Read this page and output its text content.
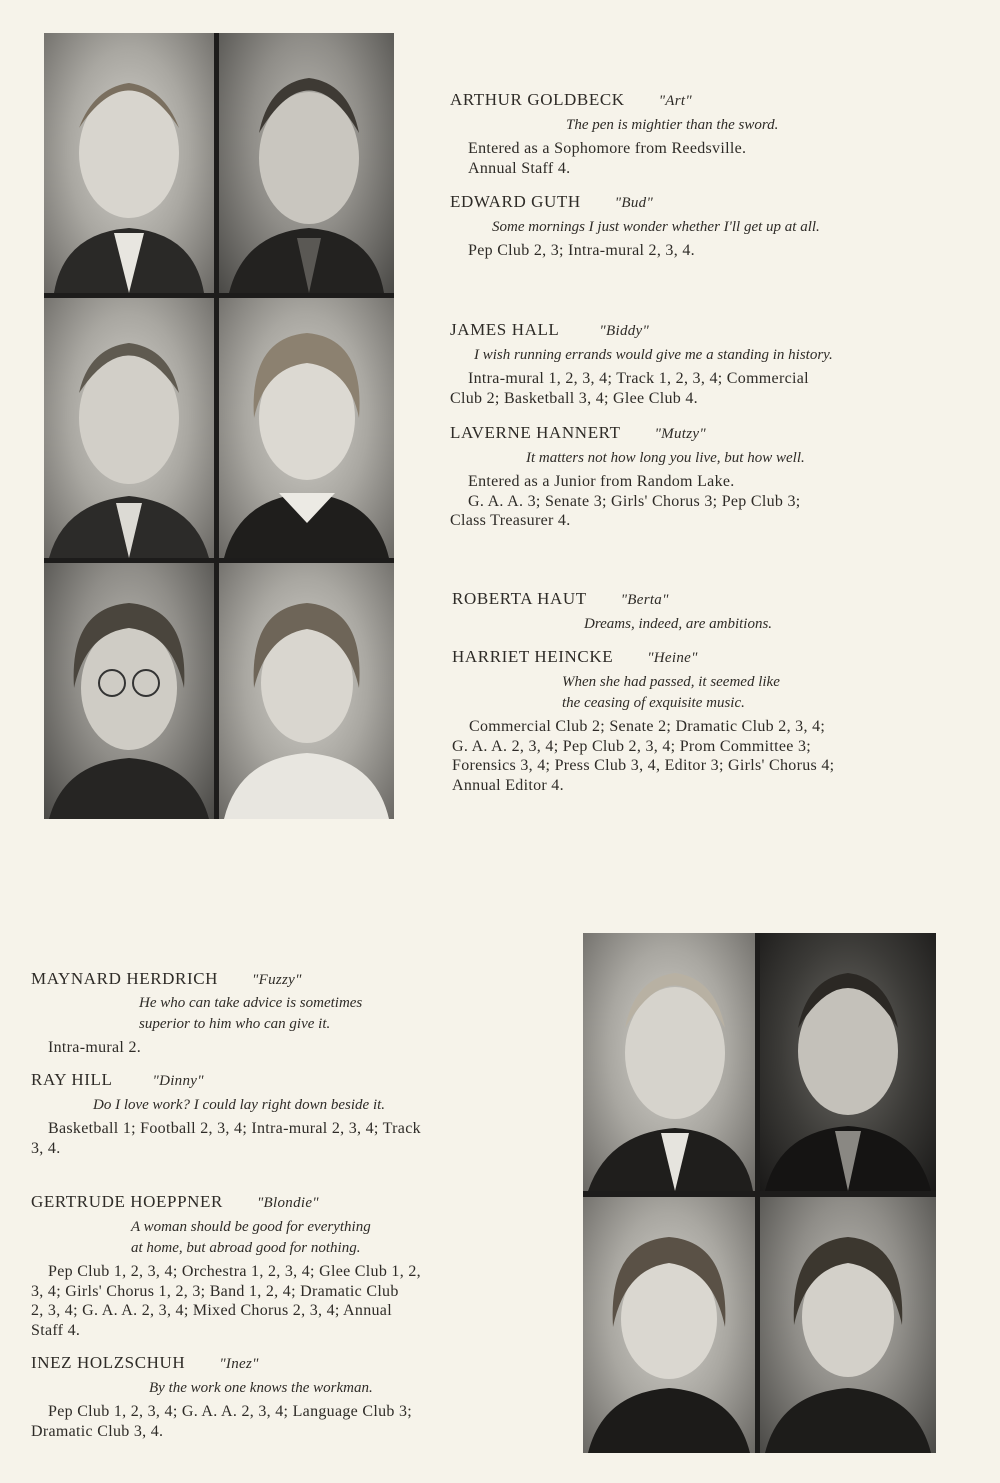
ARTHUR GOLDBECK "Art"
The pen is mightier than the sword.
Entered as a Sophomore from Reedsville.
Annual Staff 4.
EDWARD GUTH "Bud"
Some mornings I just wonder whether I'll get up at all.
Pep Club 2, 3; Intra-mural 2, 3, 4.
JAMES HALL	"Biddy"
I wish running errands would give me a standing in history.
Intra-mural 1, 2, 3, 4; Track 1, 2, 3, 4; Commercial
Club 2; Basketball 3, 4; Glee Club 4.
LAVERNE HANNERT "Mutzy"
It matters not how long you live, but how well.
Entered as a Junior from Random Lake.
G. A. A. 3; Senate 3; Girls' Chorus 3; Pep Club 3;
Class Treasurer 4.
ROBERTA HAUT "Berta"
Dreams, indeed, are ambitions.
HARRIET HEINCKE "Heine"
When she had passed, it seemed like
the ceasing of exquisite music.
Commercial Club 2; Senate 2; Dramatic Club 2, 3, 4;
G. A. A. 2, 3, 4; Pep Club 2, 3, 4; Prom Committee 3;
Forensics 3, 4; Press Club 3, 4, Editor 3; Girls' Chorus 4;
Annual Editor 4.
MAYNARD HERDRICH "Fuzzy"
He who can take advice is sometimes
superior to him who can give it.
Intra-mural 2.
RAY HILL	"Dinny"
Do I love work? I could lay right down beside it.
Basketball 1; Football 2, 3, 4; Intra-mural 2, 3, 4; Track
3, 4.
GERTRUDE HOEPPNER "Blondie"
A woman should be good for everything
at home, but abroad good for nothing.
Pep Club 1, 2, 3, 4; Orchestra 1, 2, 3, 4; Glee Club 1, 2,
3, 4; Girls' Chorus 1, 2, 3; Band 1, 2, 4; Dramatic Club
2, 3, 4; G. A. A. 2, 3, 4; Mixed Chorus 2, 3, 4; Annual
Staff 4.
INEZ HOLZSCHUH "Inez"
By the work one knows the workman.
Pep Club 1, 2, 3, 4; G. A. A. 2, 3, 4; Language Club 3;
Dramatic Club 3, 4.
